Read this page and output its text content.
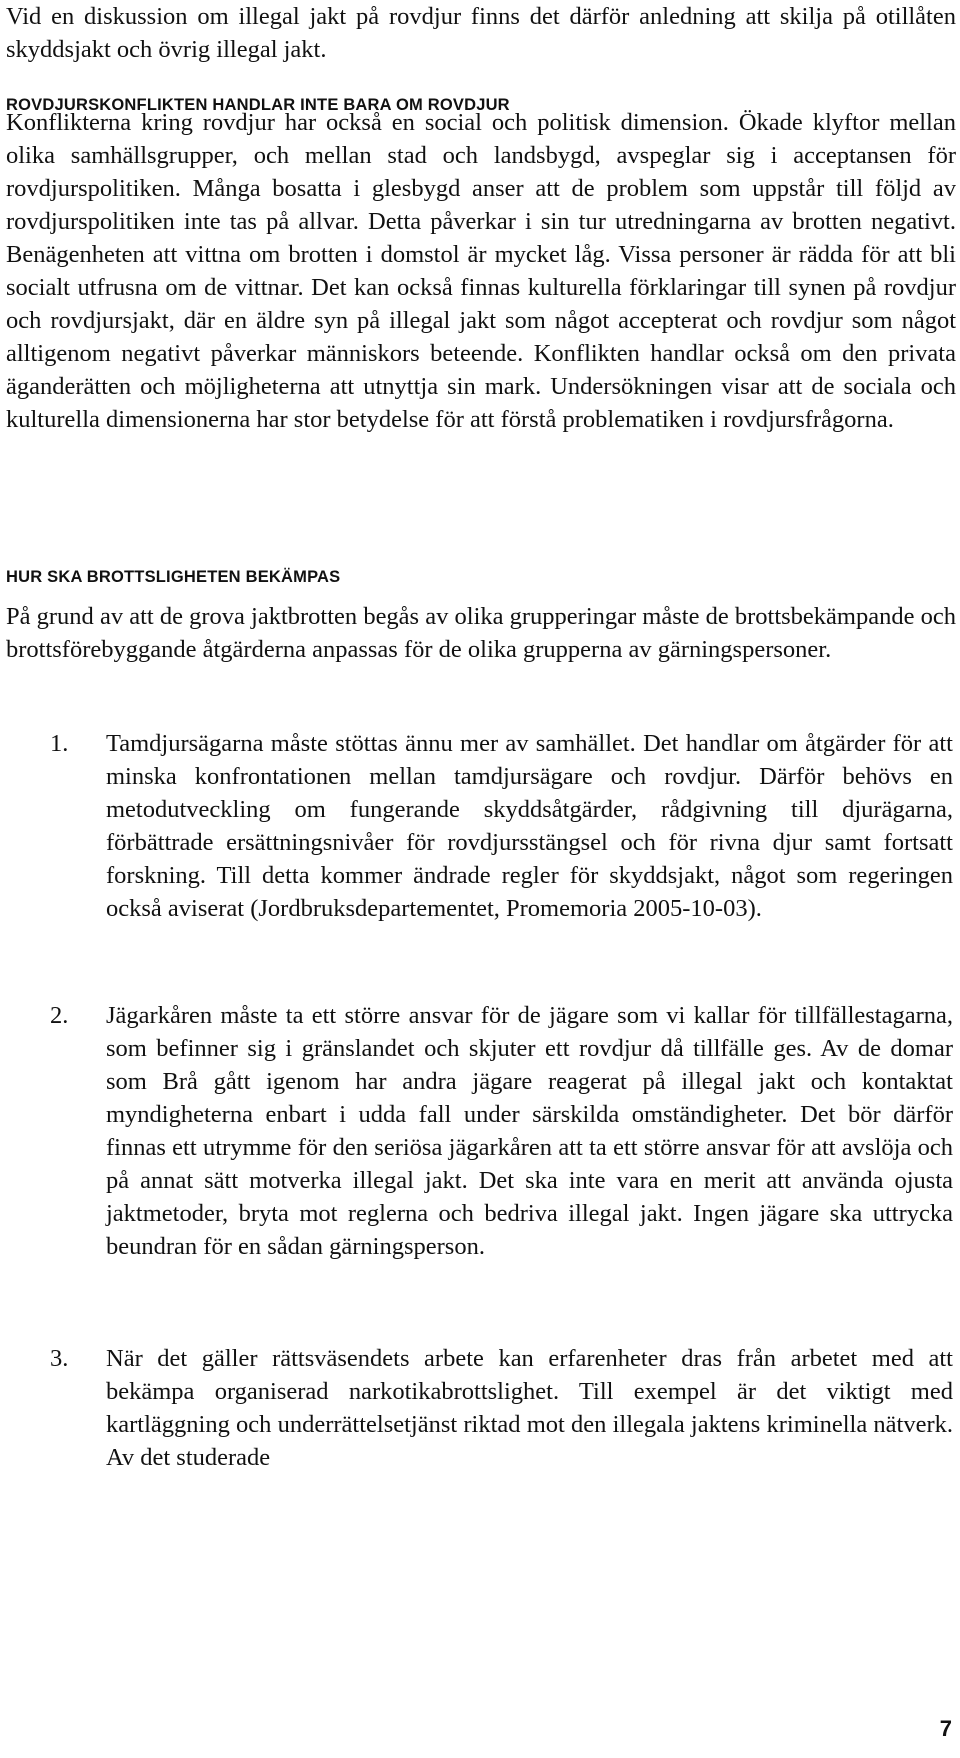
Vid en diskussion om illegal jakt på rovdjur finns det därför anledning att skilja på otillåten skyddsjakt och övrig illegal jakt.

ROVDJURSKONFLIKTEN HANDLAR INTE BARA OM ROVDJUR

Konflikterna kring rovdjur har också en social och politisk dimension. Ökade klyftor mellan olika samhällsgrupper, och mellan stad och landsbygd, avspeglar sig i acceptansen för rovdjurspolitiken. Många bosatta i glesbygd anser att de problem som uppstår till följd av rovdjurspolitiken inte tas på allvar. Detta påverkar i sin tur utredningarna av brotten negativt. Benägenheten att vittna om brotten i domstol är mycket låg. Vissa personer är rädda för att bli socialt utfrusna om de vittnar. Det kan också finnas kulturella förklaringar till synen på rovdjur och rovdjursjakt, där en äldre syn på illegal jakt som något accepterat och rovdjur som något alltigenom negativt påverkar människors beteende. Konflikten handlar också om den privata äganderätten och möjligheterna att utnyttja sin mark. Undersökningen visar att de sociala och kulturella dimensionerna har stor betydelse för att förstå problematiken i rovdjursfrågorna.

HUR SKA BROTTSLIGHETEN BEKÄMPAS

På grund av att de grova jaktbrotten begås av olika grupperingar måste de brottsbekämpande och brottsförebyggande åtgärderna anpassas för de olika grupperna av gärningspersoner.

1. Tamdjursägarna måste stöttas ännu mer av samhället. Det handlar om åtgärder för att minska konfrontationen mellan tamdjursägare och rovdjur. Därför behövs en metodutveckling om fungerande skyddsåtgärder, rådgivning till djurägarna, förbättrade ersättningsnivåer för rovdjursstängsel och för rivna djur samt fortsatt forskning. Till detta kommer ändrade regler för skyddsjakt, något som regeringen också aviserat (Jordbruksdepartementet, Promemoria 2005-10-03).

2. Jägarkåren måste ta ett större ansvar för de jägare som vi kallar för tillfällestagarna, som befinner sig i gränslandet och skjuter ett rovdjur då tillfälle ges. Av de domar som Brå gått igenom har andra jägare reagerat på illegal jakt och kontaktat myndigheterna enbart i udda fall under särskilda omständigheter. Det bör därför finnas ett utrymme för den seriösa jägarkåren att ta ett större ansvar för att avslöja och på annat sätt motverka illegal jakt. Det ska inte vara en merit att använda ojusta jaktmetoder, bryta mot reglerna och bedriva illegal jakt. Ingen jägare ska uttrycka beundran för en sådan gärningsperson.

3. När det gäller rättsväsendets arbete kan erfarenheter dras från arbetet med att bekämpa organiserad narkotikabrottslighet. Till exempel är det viktigt med kartläggning och underrättelsetjänst riktad mot den illegala jaktens kriminella nätverk. Av det studerade

7
